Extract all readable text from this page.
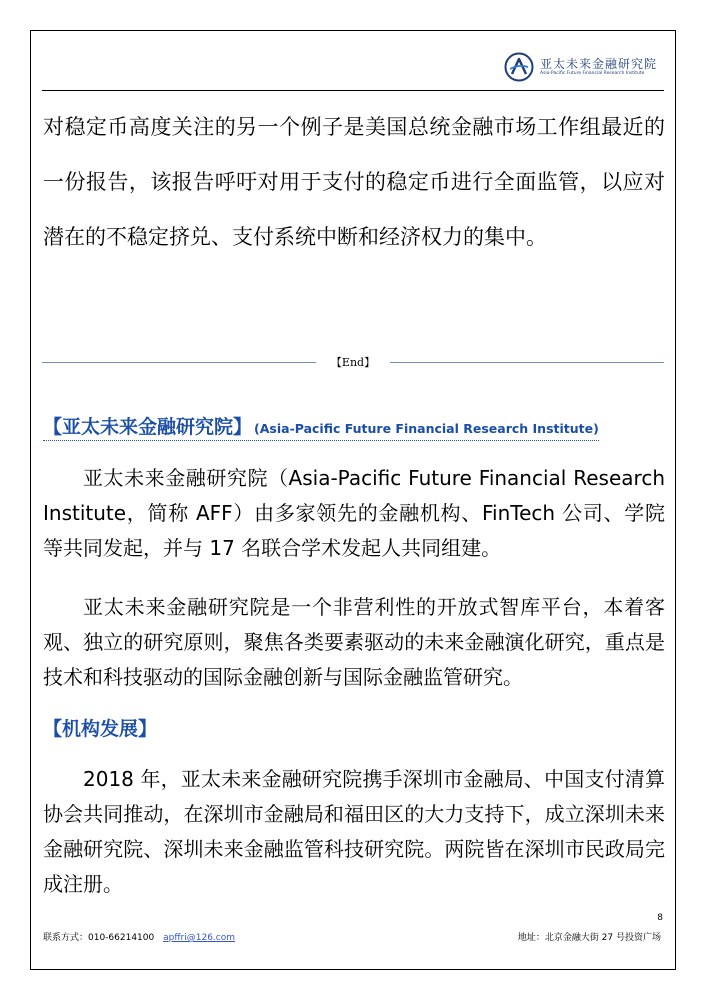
亚太未来金融研究院
Asia-Pacific Future Financial Research Institute

对稳定币高度关注的另一个例子是美国总统金融市场工作组最近的一份报告，该报告呼吁对用于支付的稳定币进行全面监管，以应对潜在的不稳定挤兑、支付系统中断和经济权力的集中。

【End】
【亚太未来金融研究院】 (Asia-Pacific Future Financial Research Institute)

亚太未来金融研究院（Asia-Pacific Future Financial Research Institute，简称 AFF）由多家领先的金融机构、FinTech 公司、学院等共同发起，并与 17 名联合学术发起人共同组建。

亚太未来金融研究院是一个非营利性的开放式智库平台，本着客观、独立的研究原则，聚焦各类要素驱动的未来金融演化研究，重点是技术和科技驱动的国际金融创新与国际金融监管研究。

【机构发展】

2018 年，亚太未来金融研究院携手深圳市金融局、中国支付清算协会共同推动，在深圳市金融局和福田区的大力支持下，成立深圳未来金融研究院、深圳未来金融监管科技研究院。两院皆在深圳市民政局完成注册。

8
联系方式：010-66214100 apffri@126.com	地址：北京金融大街 27 号投资广场
